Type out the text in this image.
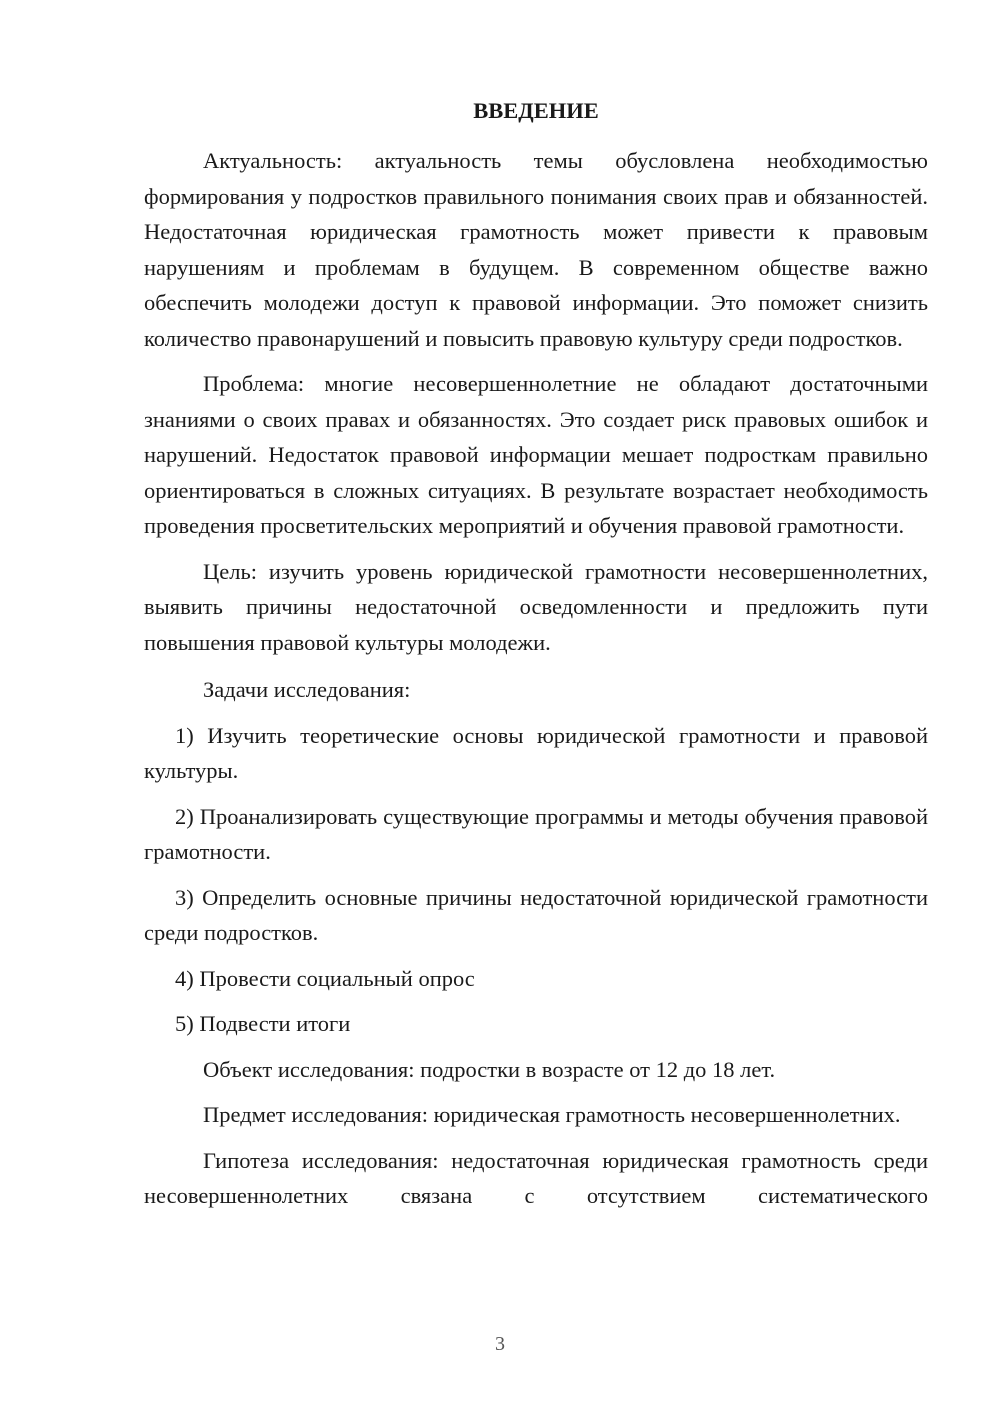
ВВЕДЕНИЕ

Актуальность: актуальность темы обусловлена необходимостью формирования у подростков правильного понимания своих прав и обязанностей. Недостаточная юридическая грамотность может привести к правовым нарушениям и проблемам в будущем. В современном обществе важно обеспечить молодежи доступ к правовой информации. Это поможет снизить количество правонарушений и повысить правовую культуру среди подростков.

Проблема: многие несовершеннолетние не обладают достаточными знаниями о своих правах и обязанностях. Это создает риск правовых ошибок и нарушений. Недостаток правовой информации мешает подросткам правильно ориентироваться в сложных ситуациях. В результате возрастает необходимость проведения просветительских мероприятий и обучения правовой грамотности.

Цель: изучить уровень юридической грамотности несовершеннолетних, выявить причины недостаточной осведомленности и предложить пути повышения правовой культуры молодежи.

Задачи исследования:

1) Изучить теоретические основы юридической грамотности и правовой культуры.

2) Проанализировать существующие программы и методы обучения правовой грамотности.

3) Определить основные причины недостаточной юридической грамотности среди подростков.

4) Провести социальный опрос

5) Подвести итоги

Объект исследования: подростки в возрасте от 12 до 18 лет.

Предмет исследования: юридическая грамотность несовершеннолетних.

Гипотеза исследования: недостаточная юридическая грамотность среди несовершеннолетних связана с отсутствием систематического

3
